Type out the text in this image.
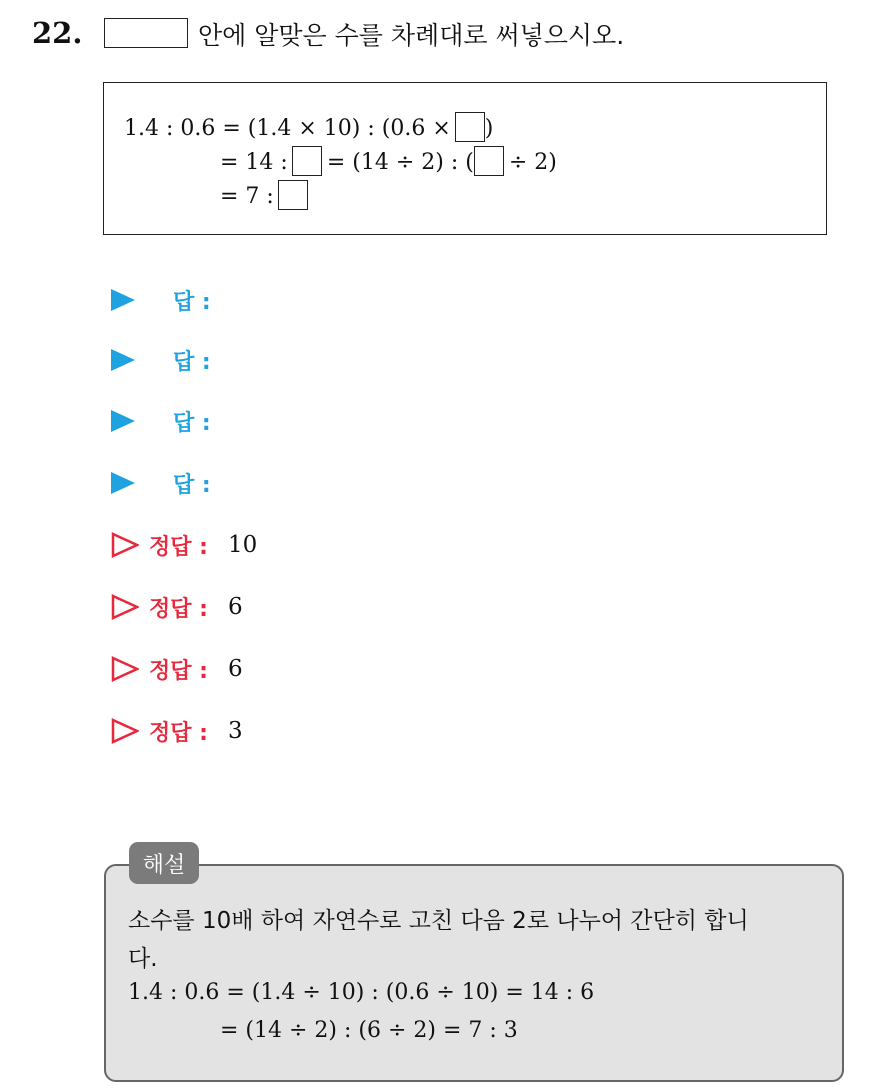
22.	안에 알맞은 수를 차례대로 써넣으시오.
1.4 : 0.6 = (1.4 × 10) : (0.6 × )
= 14 : = (14 ÷ 2) : ( ÷ 2)
= 7 :
답 :
답 :
답 :
답 :
정답 : 10
정답 : 6
정답 : 6
정답 : 3
해설
소수를 10배 하여 자연수로 고친 다음 2로 나누어 간단히 합니
다.
1.4 : 0.6 = (1.4 ÷ 10) : (0.6 ÷ 10) = 14 : 6
= (14 ÷ 2) : (6 ÷ 2) = 7 : 3
